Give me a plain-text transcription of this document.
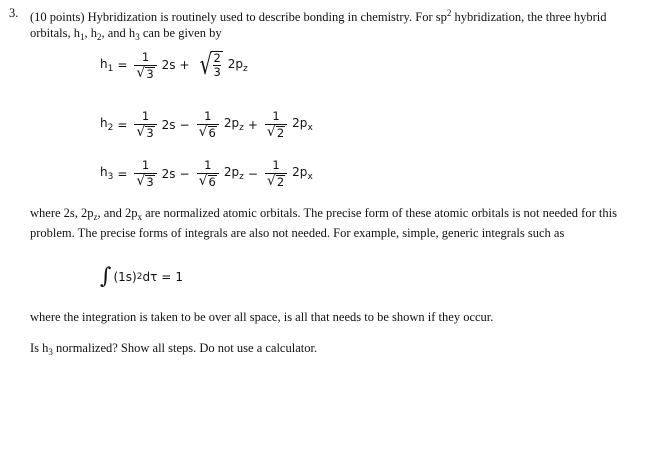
3. (10 points) Hybridization is routinely used to describe bonding in chemistry. For $sp^2$ hybridization, the three hybrid orbitals, $h_1$, $h_2$, and $h_3$ can be given by
$h_1 = \frac{1}{√ 3} 2s$ + √ 2
3
$2p_z$
$h_2 = \frac{1}{√ 3} 2s - \frac{1}{√ 6} 2p_z + \frac{1}{√ 2} 2p_x$
$h_3 = \frac{1}{√ 3} 2s - \frac{1}{√ 6} 2p_z - \frac{1}{√ 2} 2p_x$
where 2s, $2p_z$, and $2p_x$ are normalized atomic orbitals. The precise form of these atomic orbitals is not needed for this problem. The precise forms of integrals are also not needed. For example, simple, generic integrals such as
∫ (1s) 2 dτ = 1
where the integration is taken to be over all space, is all that needs to be shown if they occur.
Is $h_3$ normalized? Show all steps. Do not use a calculator.
